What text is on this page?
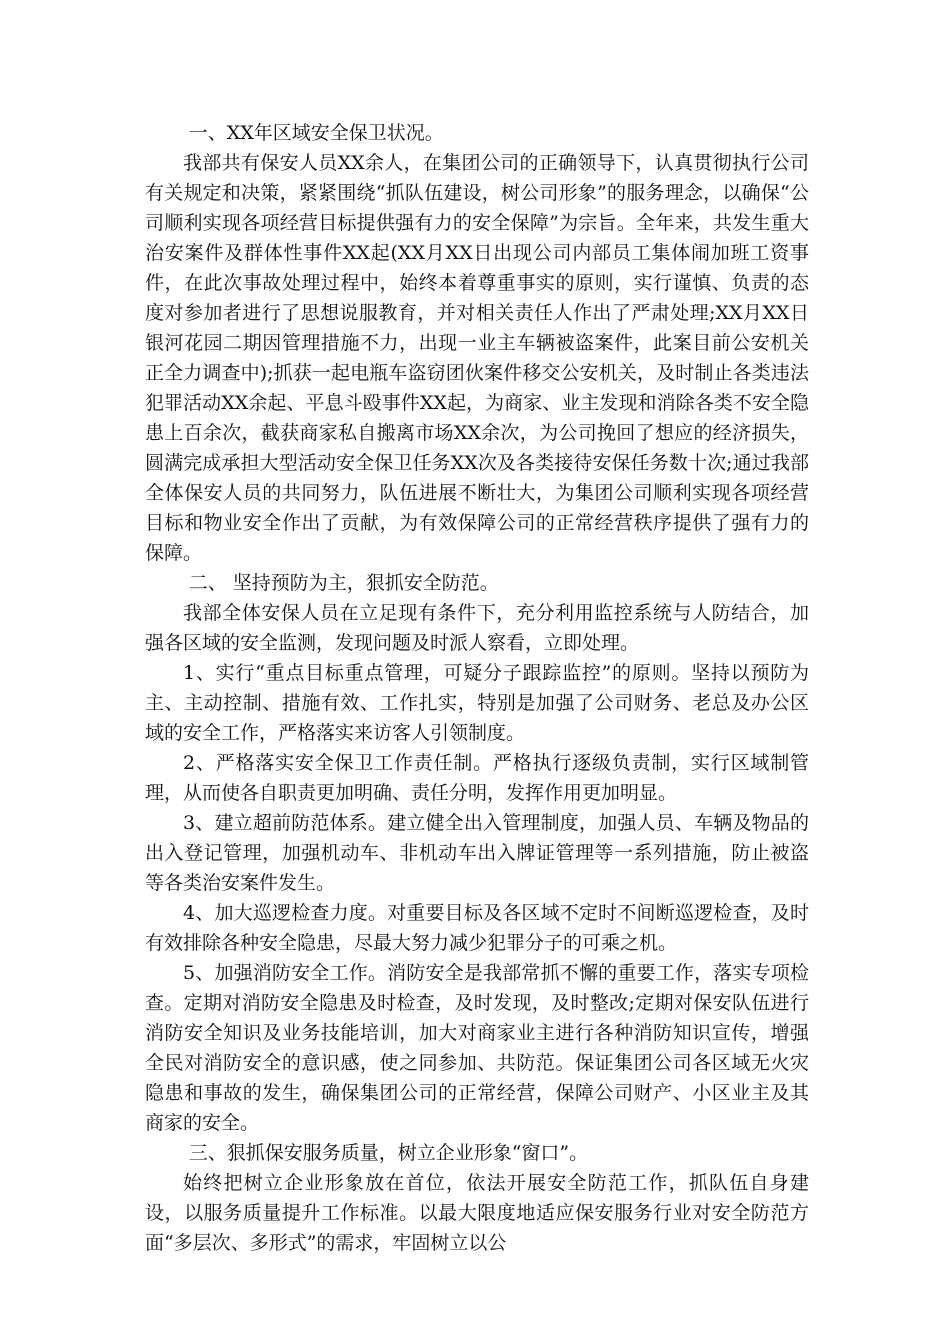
一、XX年区域安全保卫状况。

我部共有保安人员XX余人，在集团公司的正确领导下，认真贯彻执行公司有关规定和决策，紧紧围绕“抓队伍建设，树公司形象”的服务理念，以确保“公司顺利实现各项经营目标提供强有力的安全保障”为宗旨。全年来，共发生重大治安案件及群体性事件XX起(XX月XX日出现公司内部员工集体闹加班工资事件，在此次事故处理过程中，始终本着尊重事实的原则，实行谨慎、负责的态度对参加者进行了思想说服教育，并对相关责任人作出了严肃处理;XX月XX日银河花园二期因管理措施不力，出现一业主车辆被盗案件，此案目前公安机关正全力调查中);抓获一起电瓶车盗窃团伙案件移交公安机关，及时制止各类违法犯罪活动XX余起、平息斗殴事件XX起，为商家、业主发现和消除各类不安全隐患上百余次，截获商家私自搬离市场XX余次，为公司挽回了想应的经济损失，圆满完成承担大型活动安全保卫任务XX次及各类接待安保任务数十次;通过我部全体保安人员的共同努力，队伍进展不断壮大，为集团公司顺利实现各项经营目标和物业安全作出了贡献，为有效保障公司的正常经营秩序提供了强有力的保障。

二、 坚持预防为主，狠抓安全防范。

我部全体安保人员在立足现有条件下，充分利用监控系统与人防结合，加强各区域的安全监测，发现问题及时派人察看，立即处理。

1、实行“重点目标重点管理，可疑分子跟踪监控”的原则。坚持以预防为主、主动控制、措施有效、工作扎实，特别是加强了公司财务、老总及办公区域的安全工作，严格落实来访客人引领制度。

2、严格落实安全保卫工作责任制。严格执行逐级负责制，实行区域制管理，从而使各自职责更加明确、责任分明，发挥作用更加明显。

3、建立超前防范体系。建立健全出入管理制度，加强人员、车辆及物品的出入登记管理，加强机动车、非机动车出入牌证管理等一系列措施，防止被盗等各类治安案件发生。

4、加大巡逻检查力度。对重要目标及各区域不定时不间断巡逻检查，及时有效排除各种安全隐患，尽最大努力减少犯罪分子的可乘之机。

5、加强消防安全工作。消防安全是我部常抓不懈的重要工作，落实专项检查。定期对消防安全隐患及时检查，及时发现，及时整改;定期对保安队伍进行消防安全知识及业务技能培训，加大对商家业主进行各种消防知识宣传，增强全民对消防安全的意识感，使之同参加、共防范。保证集团公司各区域无火灾隐患和事故的发生，确保集团公司的正常经营，保障公司财产、小区业主及其商家的安全。

三、狠抓保安服务质量，树立企业形象“窗口”。

始终把树立企业形象放在首位，依法开展安全防范工作，抓队伍自身建设，以服务质量提升工作标准。以最大限度地适应保安服务行业对安全防范方面“多层次、多形式”的需求，牢固树立以公
